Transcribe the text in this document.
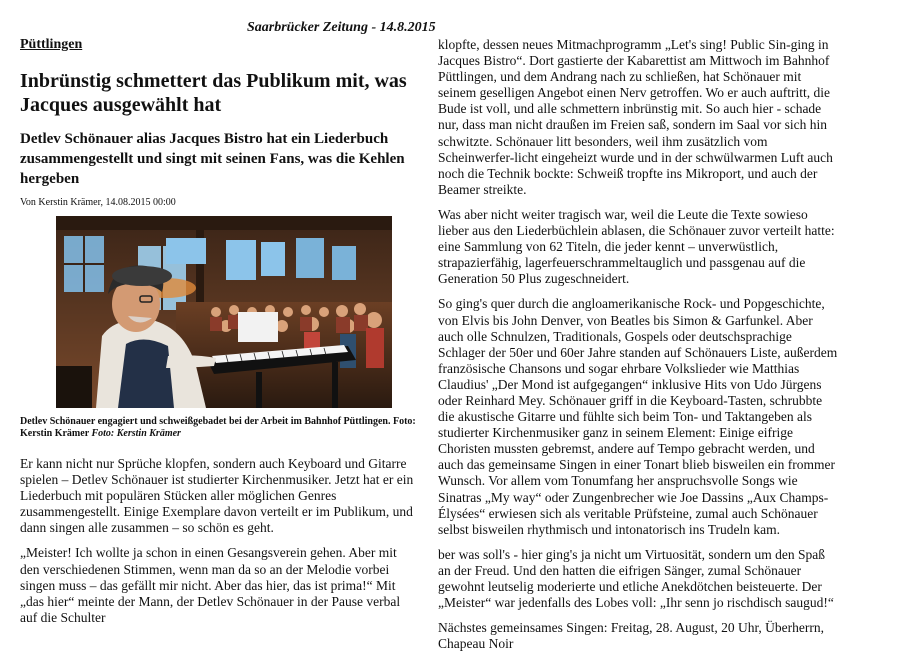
Saarbrücker Zeitung - 14.8.2015
Püttlingen
Inbrünstig schmettert das Publikum mit, was Jacques ausgewählt hat
Detlev Schönauer alias Jacques Bistro hat ein Liederbuch zusammengestellt und singt mit seinen Fans, was die Kehlen hergeben
Von Kerstin Krämer, 14.08.2015 00:00
Detlev Schönauer engagiert und schweißgebadet bei der Arbeit im Bahnhof Püttlingen. Foto: Kerstin Krämer Foto: Kerstin Krämer

Er kann nicht nur Sprüche klopfen, sondern auch Keyboard und Gitarre spielen – Detlev Schönauer ist studierter Kirchenmusiker. Jetzt hat er ein Liederbuch mit populären Stücken aller möglichen Genres zusammengestellt. Einige Exemplare davon verteilt er im Publikum, und dann singen alle zusammen – so schön es geht.

„Meister! Ich wollte ja schon in einen Gesangsverein gehen. Aber mit den verschiedenen Stimmen, wenn man da so an der Melodie vorbei singen muss – das gefällt mir nicht. Aber das hier, das ist prima!“ Mit „das hier“ meinte der Mann, der Detlev Schönauer in der Pause verbal auf die Schulter

klopfte, dessen neues Mitmachprogramm „Let's sing! Public Sin-ging in Jacques Bistro“. Dort gastierte der Kabarettist am Mittwoch im Bahnhof Püttlingen, und dem Andrang nach zu schließen, hat Schönauer mit seinem geselligen Angebot einen Nerv getroffen. Wo er auch auftritt, die Bude ist voll, und alle schmettern inbrünstig mit. So auch hier - schade nur, dass man nicht draußen im Freien saß, sondern im Saal vor sich hin schwitzte. Schönauer litt besonders, weil ihm zusätzlich vom Scheinwerfer-licht eingeheizt wurde und in der schwülwarmen Luft auch noch die Technik bockte: Schweiß tropfte ins Mikroport, und auch der Beamer streikte.

Was aber nicht weiter tragisch war, weil die Leute die Texte sowieso lieber aus den Liederbüchlein ablasen, die Schönauer zuvor verteilt hatte: eine Sammlung von 62 Titeln, die jeder kennt – unverwüstlich, strapazierfähig, lagerfeuerschrammeltauglich und passgenau auf die Generation 50 Plus zugeschneidert.

So ging's quer durch die angloamerikanische Rock- und Popgeschichte, von Elvis bis John Denver, von Beatles bis Simon & Garfunkel. Aber auch olle Schnulzen, Traditionals, Gospels oder deutschsprachige Schlager der 50er und 60er Jahre standen auf Schönauers Liste, außerdem französische Chansons und sogar ehrbare Volkslieder wie Matthias Claudius' „Der Mond ist aufgegangen“ inklusive Hits von Udo Jürgens oder Reinhard Mey. Schönauer griff in die Keyboard-Tasten, schrubbte die akustische Gitarre und fühlte sich beim Ton- und Taktangeben als studierter Kirchenmusiker ganz in seinem Element: Einige eifrige Choristen mussten gebremst, andere auf Tempo gebracht werden, und auch das gemeinsame Singen in einer Tonart blieb bisweilen ein frommer Wunsch. Vor allem vom Tonumfang her anspruchsvolle Songs wie Sinatras „My way“ oder Zungenbrecher wie Joe Dassins „Aux Champs-Élysées“ erwiesen sich als veritable Prüfsteine, zumal auch Schönauer selbst bisweilen rhythmisch und intonatorisch ins Trudeln kam.

ber was soll's - hier ging's ja nicht um Virtuosität, sondern um den Spaß an der Freud. Und den hatten die eifrigen Sänger, zumal Schönauer gewohnt leutselig moderierte und etliche Anekdötchen beisteuerte. Der „Meister“ war jedenfalls des Lobes voll: „Ihr senn jo rischdisch saugud!“

Nächstes gemeinsames Singen: Freitag, 28. August, 20 Uhr, Überherrn, Chapeau Noir
